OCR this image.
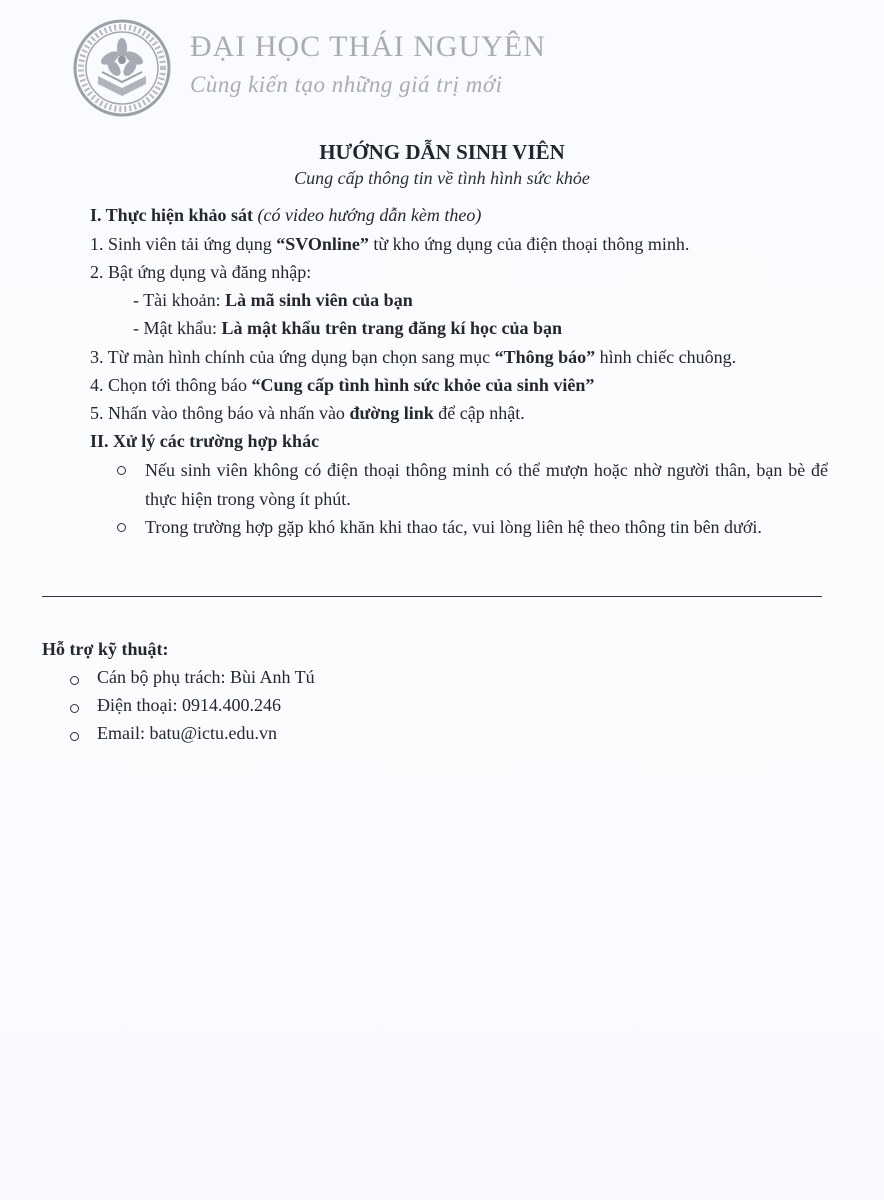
ĐẠI HỌC THÁI NGUYÊN
Cùng kiến tạo những giá trị mới
HƯỚNG DẪN SINH VIÊN
Cung cấp thông tin về tình hình sức khỏe
I. Thực hiện khảo sát (có video hướng dẫn kèm theo)
1. Sinh viên tải ứng dụng “SVOnline” từ kho ứng dụng của điện thoại thông minh.
2. Bật ứng dụng và đăng nhập:
- Tài khoản: Là mã sinh viên của bạn
- Mật khẩu: Là mật khẩu trên trang đăng kí học của bạn
3. Từ màn hình chính của ứng dụng bạn chọn sang mục “Thông báo” hình chiếc chuông.
4. Chọn tới thông báo “Cung cấp tình hình sức khỏe của sinh viên”
5. Nhấn vào thông báo và nhấn vào đường link để cập nhật.
II. Xử lý các trường hợp khác
Nếu sinh viên không có điện thoại thông minh có thể mượn hoặc nhờ người thân, bạn bè để thực hiện trong vòng ít phút.
Trong trường hợp gặp khó khăn khi thao tác, vui lòng liên hệ theo thông tin bên dưới.
Hỗ trợ kỹ thuật:
Cán bộ phụ trách: Bùi Anh Tú
Điện thoại: 0914.400.246
Email: batu@ictu.edu.vn
